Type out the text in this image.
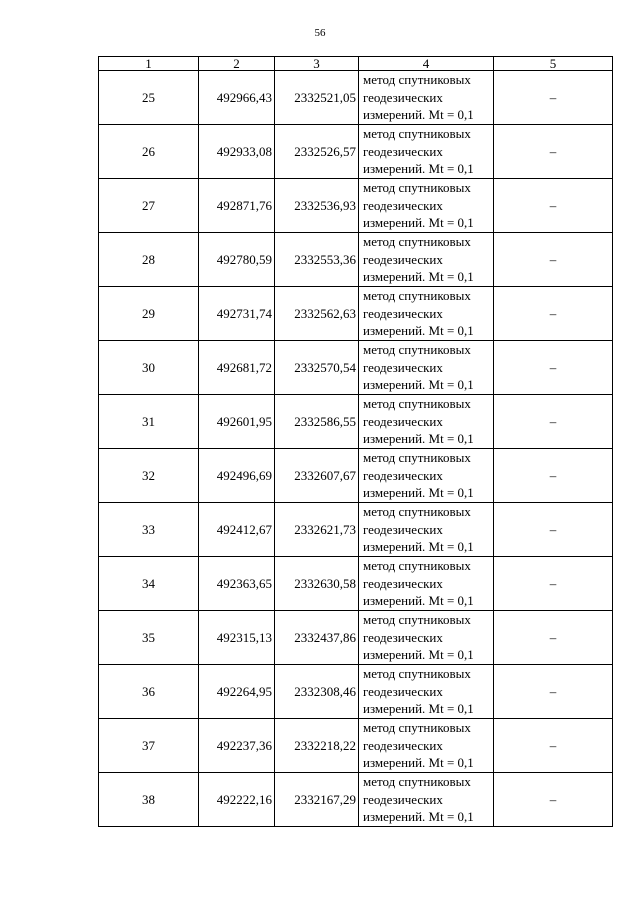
56
1	2	3	4	5
25	492966,43	2332521,05	метод спутниковых геодезических измерений. Mt = 0,1	–
26	492933,08	2332526,57	метод спутниковых геодезических измерений. Mt = 0,1	–
27	492871,76	2332536,93	метод спутниковых геодезических измерений. Mt = 0,1	–
28	492780,59	2332553,36	метод спутниковых геодезических измерений. Mt = 0,1	–
29	492731,74	2332562,63	метод спутниковых геодезических измерений. Mt = 0,1	–
30	492681,72	2332570,54	метод спутниковых геодезических измерений. Mt = 0,1	–
31	492601,95	2332586,55	метод спутниковых геодезических измерений. Mt = 0,1	–
32	492496,69	2332607,67	метод спутниковых геодезических измерений. Mt = 0,1	–
33	492412,67	2332621,73	метод спутниковых геодезических измерений. Mt = 0,1	–
34	492363,65	2332630,58	метод спутниковых геодезических измерений. Mt = 0,1	–
35	492315,13	2332437,86	метод спутниковых геодезических измерений. Mt = 0,1	–
36	492264,95	2332308,46	метод спутниковых геодезических измерений. Mt = 0,1	–
37	492237,36	2332218,22	метод спутниковых геодезических измерений. Mt = 0,1	–
38	492222,16	2332167,29	метод спутниковых геодезических измерений. Mt = 0,1	–
